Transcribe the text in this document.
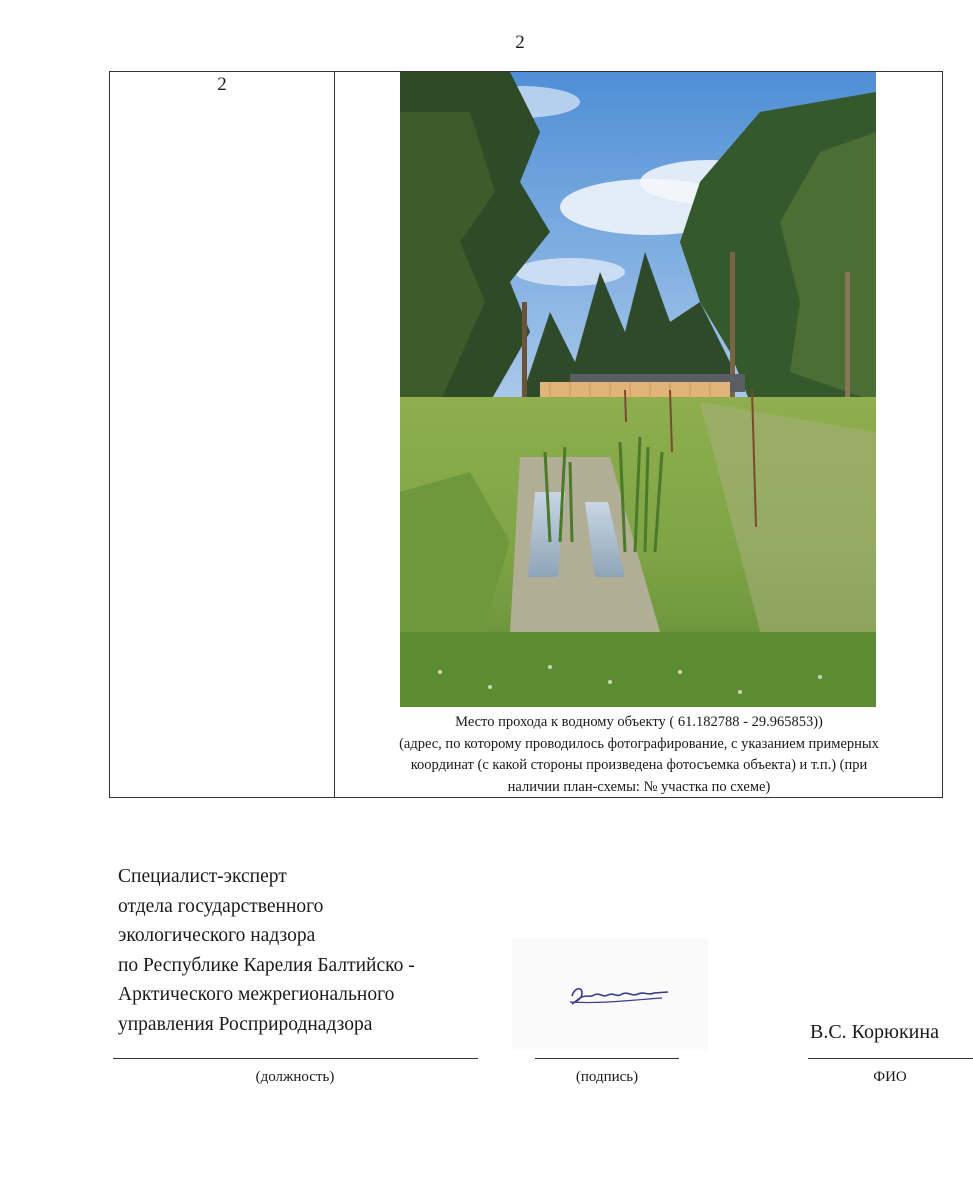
2
2
Место прохода к водному объекту ( 61.182788 - 29.965853))
(адрес, по которому проводилось фотографирование, с указанием примерных
координат (с какой стороны произведена фотосъемка объекта) и т.п.) (при
наличии план-схемы: № участка по схеме)
Специалист-эксперт
отдела государственного
экологического надзора
по Республике Карелия Балтийско -
Арктического межрегионального
управления Росприроднадзора	В.С. Корюкина
(должность)	(подпись)	ФИО
